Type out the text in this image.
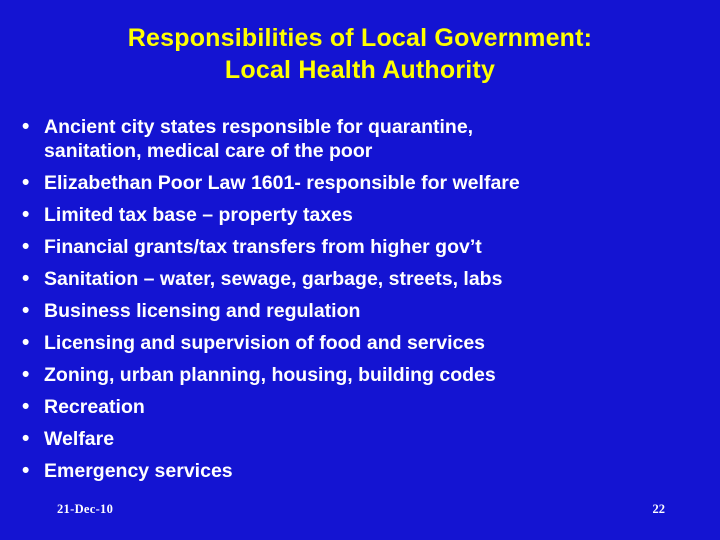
Responsibilities of Local Government:
Local Health Authority
• Ancient city states responsible for quarantine,
sanitation, medical care of the poor
• Elizabethan Poor Law 1601- responsible for welfare
• Limited tax base – property taxes
• Financial grants/tax transfers from higher gov’t
• Sanitation – water, sewage, garbage, streets, labs
• Business licensing and regulation
• Licensing and supervision of food and services
• Zoning, urban planning, housing, building codes
• Recreation
• Welfare
• Emergency services
21-Dec-10	22
